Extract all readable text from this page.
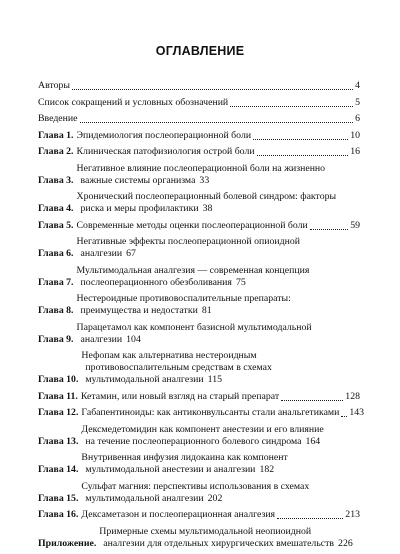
ОГЛАВЛЕНИЕ
Авторы	4
Список сокращений и условных обозначений	5
Введение	6
Глава 1. Эпидемиология послеоперационной боли	10
Глава 2. Клиническая патофизиология острой боли	16
Глава 3.
Негативное влияние послеоперационной боли на жизненно
важные системы организма 33
Глава 4.
Хронический послеоперационный болевой синдром: факторы
риска и меры профилактики 38
Глава 5. Современные методы оценки послеоперационной боли	59
Глава 6.
Негативные эффекты послеоперационной опиоидной
аналгезии 67
Глава 7.
Мультимодальная аналгезия — современная концепция
послеоперационного обезболивания 75
Глава 8.
Нестероидные противовоспалительные препараты:
преимущества и недостатки 81
Глава 9.
Парацетамол как компонент базисной мультимодальной
аналгезии 104
Глава 10.
Нефопам как альтернатива нестероидным
противовоспалительным средствам в схемах
мультимодальной аналгезии 115
Глава 11. Кетамин, или новый взгляд на старый препарат	128
Глава 12. Габапентиноиды: как антиконвульсанты стали анальгетиками 143
Глава 13.
Дексмедетомидин как компонент анестезии и его влияние
на течение послеоперационного болевого синдрома 164
Глава 14.
Внутривенная инфузия лидокаина как компонент
мультимодальной анестезии и аналгезии 182
Глава 15.
Сульфат магния: перспективы использования в схемах
мультимодальной аналгезии 202
Глава 16. Дексаметазон и послеоперационная аналгезия	213
Приложение.
Примерные схемы мультимодальной неопиоидной
аналгезии для отдельных хирургических вмешательств 226
